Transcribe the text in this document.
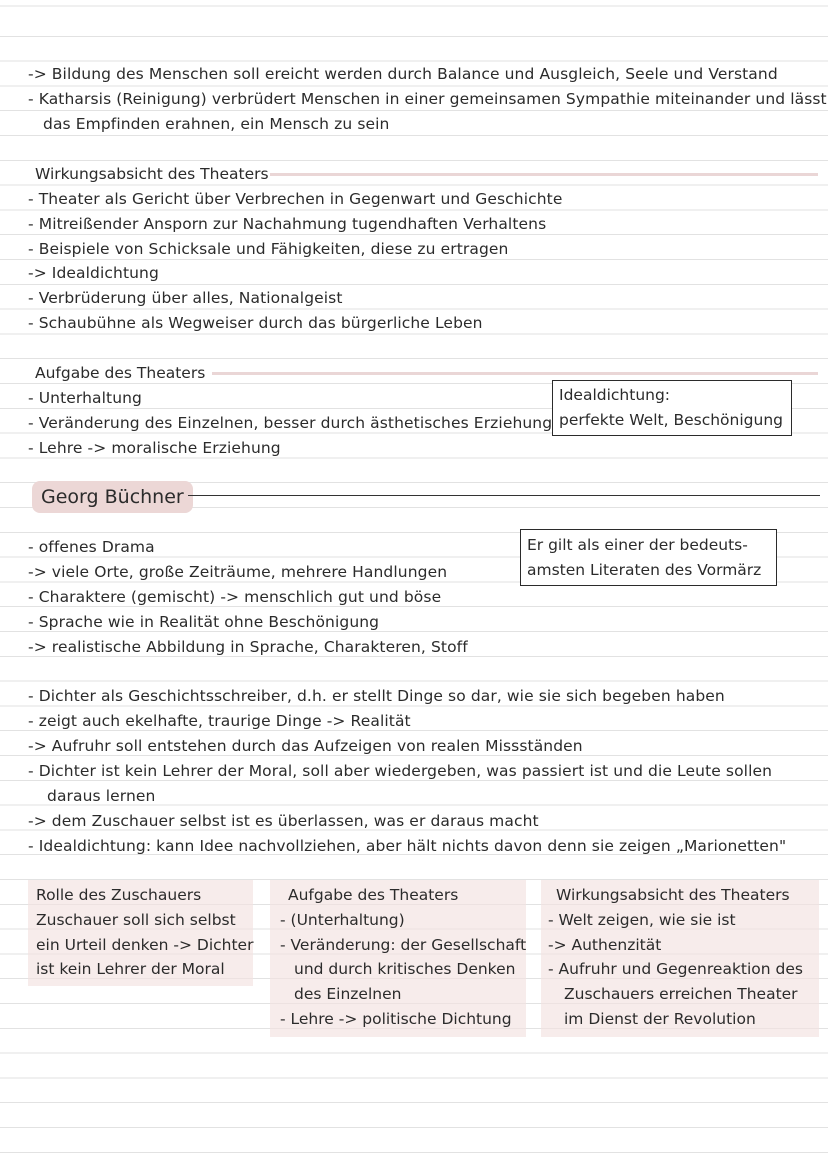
-> Bildung des Menschen soll ereicht werden durch Balance und Ausgleich, Seele und Verstand
- Katharsis (Reinigung) verbrüdert Menschen in einer gemeinsamen Sympathie miteinander und lässt
das Empfinden erahnen, ein Mensch zu sein
Wirkungsabsicht des Theaters
- Theater als Gericht über Verbrechen in Gegenwart und Geschichte
- Mitreißender Ansporn zur Nachahmung tugendhaften Verhaltens
- Beispiele von Schicksale und Fähigkeiten, diese zu ertragen
-> Idealdichtung
- Verbrüderung über alles, Nationalgeist
- Schaubühne als Wegweiser durch das bürgerliche Leben
Aufgabe des Theaters
- Unterhaltung
- Veränderung des Einzelnen, besser durch ästhetisches Erziehung
- Lehre -> moralische Erziehung
Idealdichtung:
perfekte Welt, Beschönigung
Georg Büchner
- offenes Drama
-> viele Orte, große Zeiträume, mehrere Handlungen
- Charaktere (gemischt) -> menschlich gut und böse
- Sprache wie in Realität ohne Beschönigung
-> realistische Abbildung in Sprache, Charakteren, Stoff
Er gilt als einer der bedeuts-
amsten Literaten des Vormärz
- Dichter als Geschichtsschreiber, d.h. er stellt Dinge so dar, wie sie sich begeben haben
- zeigt auch ekelhafte, traurige Dinge -> Realität
-> Aufruhr soll entstehen durch das Aufzeigen von realen Missständen
- Dichter ist kein Lehrer der Moral, soll aber wiedergeben, was passiert ist und die Leute sollen
daraus lernen
-> dem Zuschauer selbst ist es überlassen, was er daraus macht
- Idealdichtung: kann Idee nachvollziehen, aber hält nichts davon denn sie zeigen „Marionetten"
Rolle des Zuschauers
Zuschauer soll sich selbst
ein Urteil denken -> Dichter
ist kein Lehrer der Moral
Aufgabe des Theaters
- (Unterhaltung)
- Veränderung: der Gesellschaft
und durch kritisches Denken
des Einzelnen
- Lehre -> politische Dichtung
Wirkungsabsicht des Theaters
- Welt zeigen, wie sie ist
-> Authenzität
- Aufruhr und Gegenreaktion des
Zuschauers erreichen Theater
im Dienst der Revolution
